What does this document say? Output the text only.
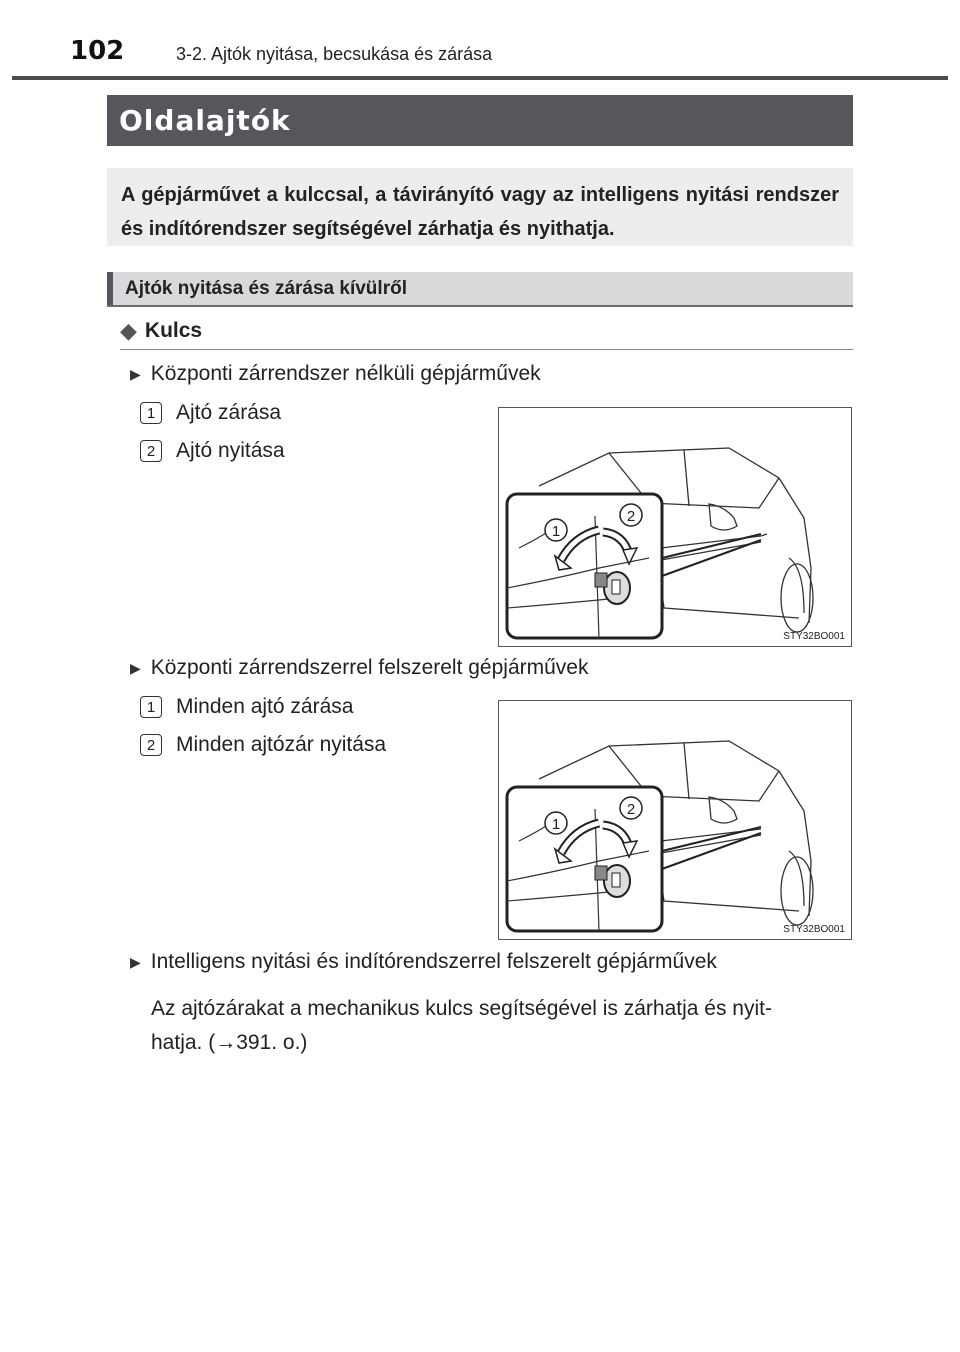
102	3-2. Ajtók nyitása, becsukása és zárása
Oldalajtók

A gépjárművet a kulccsal, a távirányító vagy az intelligens nyitási rendszer és indítórendszer segítségével zárhatja és nyithatja.

Ajtók nyitása és zárása kívülről
◆ Kulcs
▶ Központi zárrendszer nélküli gépjárművek
1 Ajtó zárása
2 Ajtó nyitása
1
2
STY32BO001
▶ Központi zárrendszerrel felszerelt gépjárművek
1 Minden ajtó zárása
2 Minden ajtózár nyitása
1
2
STY32BO001
▶ Intelligens nyitási és indítórendszerrel felszerelt gépjárművek
Az ajtózárakat a mechanikus kulcs segítségével is zárhatja és nyit-
hatja. (→391. o.)
